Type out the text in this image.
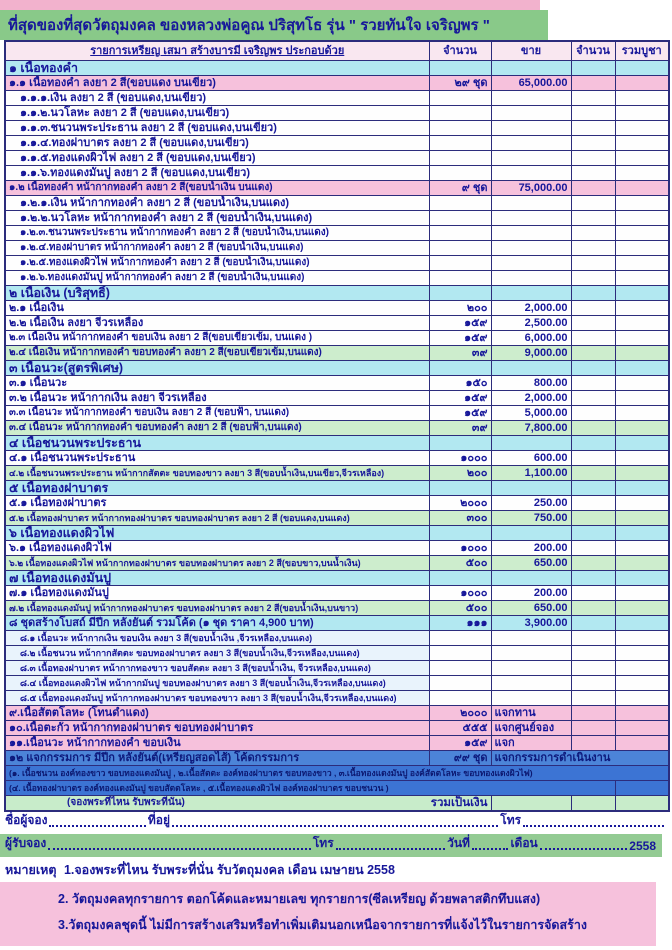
ที่สุดของที่สุดวัตถุมงคล ของหลวงพ่อคูณ ปริสุทโธ รุ่น " รวยทันใจ เจริญพร "
รายการเหรียญ เสมา สร้างบารมี เจริญพร ประกอบด้วย	จำนวน	ขาย	จำนวน	รวมบูชา
๑ เนื้อทองคำ				
๑.๑ เนื้อทองคำ ลงยา 2 สี(ขอบแดง บนเขียว)	๒๙ ชุด	65,000.00		
๑.๑.๑.เงิน ลงยา 2 สี (ขอบแดง,บนเขียว)				
๑.๑.๒.นวโลหะ ลงยา 2 สี (ขอบแดง,บนเขียว)				
๑.๑.๓.ชนวนพระประธาน ลงยา 2 สี (ขอบแดง,บนเขียว)				
๑.๑.๔.ทองฝาบาตร ลงยา 2 สี (ขอบแดง,บนเขียว)				
๑.๑.๕.ทองแดงผิวไฟ ลงยา 2 สี (ขอบแดง,บนเขียว)				
๑.๑.๖.ทองแดงมันปู ลงยา 2 สี (ขอบแดง,บนเขียว)				
๑.๒ เนื้อทองคำ หน้ากากทองคำ ลงยา 2 สี(ขอบน้ำเงิน บนแดง)	๙ ชุด	75,000.00		
๑.๒.๑.เงิน หน้ากากทองคำ ลงยา 2 สี (ขอบน้ำเงิน,บนแดง)				
๑.๒.๒.นวโลหะ หน้ากากทองคำ ลงยา 2 สี (ขอบน้ำเงิน,บนแดง)				
๑.๒.๓.ชนวนพระประธาน หน้ากากทองคำ ลงยา 2 สี (ขอบน้ำเงิน,บนแดง)				
๑.๒.๔.ทองฝาบาตร หน้ากากทองคำ ลงยา 2 สี (ขอบน้ำเงิน,บนแดง)				
๑.๒.๕.ทองแดงผิวไฟ หน้ากากทองคำ ลงยา 2 สี (ขอบน้ำเงิน,บนแดง)				
๑.๒.๖.ทองแดงมันปู หน้ากากทองคำ ลงยา 2 สี (ขอบน้ำเงิน,บนแดง)				
๒ เนื้อเงิน (บริสุทธิ์)				
๒.๑ เนื้อเงิน	๒๐๐	2,000.00		
๒.๒ เนื้อเงิน ลงยา จีวรเหลือง	๑๕๙	2,500.00		
๒.๓ เนื้อเงิน หน้ากากทองคำ ขอบเงิน ลงยา 2 สี(ขอบเขียวเข้ม, บนแดง )	๑๕๙	6,000.00		
๒.๔ เนื้อเงิน หน้ากากทองคำ ขอบทองคำ ลงยา 2 สี(ขอบเขียวเข้ม,บนแดง)	๓๙	9,000.00		
๓ เนื้อนวะ(สูตรพิเศษ)				
๓.๑ เนื้อนวะ	๑๕๐	800.00		
๓.๒ เนื้อนวะ หน้ากากเงิน ลงยา จีวรเหลือง	๑๕๙	2,000.00		
๓.๓ เนื้อนวะ หน้ากากทองคำ ขอบเงิน ลงยา 2 สี (ขอบฟ้า, บนแดง)	๑๕๙	5,000.00		
๓.๔ เนื้อนวะ หน้ากากทองคำ ขอบทองคำ ลงยา 2 สี (ขอบฟ้า,บนแดง)	๓๙	7,800.00		
๔ เนื้อชนวนพระประธาน				
๔.๑ เนื้อชนวนพระประธาน	๑๐๐๐	600.00		
๔.๒ เนื้อชนวนพระประธาน หน้ากากสัตตะ ขอบทองขาว ลงยา 3 สี(ขอบน้ำเงิน,บนเขียว,จีวรเหลือง)	๒๐๐	1,100.00		
๕ เนื้อทองฝาบาตร				
๕.๑ เนื้อทองฝาบาตร	๒๐๐๐	250.00		
๕.๒ เนื้อทองฝาบาตร หน้ากากทองฝาบาตร ขอบทองฝาบาตร ลงยา 2 สี (ขอบแดง,บนแดง)	๓๐๐	750.00		
๖ เนื้อทองแดงผิวไฟ				
๖.๑ เนื้อทองแดงผิวไฟ	๑๐๐๐	200.00		
๖.๒ เนื้อทองแดงผิวไฟ หน้ากากทองฝาบาตร ขอบทองฝาบาตร ลงยา 2 สี(ขอบขาว,บนน้ำเงิน)	๕๐๐	650.00		
๗ เนื้อทองแดงมันปู				
๗.๑ เนื้อทองแดงมันปู	๑๐๐๐	200.00		
๗.๒ เนื้อทองแดงมันปู หน้ากากทองฝาบาตร ขอบทองฝาบาตร ลงยา 2 สี(ขอบน้ำเงิน,บนขาว)	๕๐๐	650.00		
๘ ชุดสร้างโบสถ์ มีปีก หลังยันต์ รวมโค้ด (๑ ชุด ราคา 4,900 บาท)	๑๑๑	3,900.00		
๘.๑ เนื้อนวะ หน้ากากเงิน ขอบเงิน ลงยา 3 สี(ขอบน้ำเงิน ,จีวรเหลือง,บนแดง)				
๘.๒ เนื้อชนวน หน้ากากสัตตะ ขอบทองฝาบาตร ลงยา 3 สี(ขอบน้ำเงิน,จีวรเหลือง,บนแดง)				
๘.๓ เนื้อทองฝาบาตร หน้ากากทองขาว ขอบสัตตะ ลงยา 3 สี(ขอบน้ำเงิน, จีวรเหลือง,บนแดง)				
๘.๔ เนื้อทองแดงผิวไฟ หน้ากากมันปู ขอบทองฝาบาตร ลงยา 3 สี(ขอบน้ำเงิน,จีวรเหลือง,บนแดง)				
๘.๕ เนื้อทองแดงมันปู หน้ากากทองฝาบาตร ขอบทองขาว ลงยา 3 สี(ขอบน้ำเงิน,จีวรเหลือง,บนแดง)				
๙.เนื้อสัตตโลหะ (โทนดำแดง)	๒๐๐๐	แจกทาน		
๑๐.เนื้อตะกั่ว หน้ากากทองฝาบาตร ขอบทองฝาบาตร	๕๕๕	แจกศูนย์จอง		
๑๑.เนื้อนวะ หน้ากากทองคำ ขอบเงิน	๑๕๙	แจก		
๑๒ แจกกรรมการ มีปีก หลังยันต์(เหรียญสอดไส้) โค้ดกรรมการ	๙๙ ชุด	แจกกรรมการดำเนินงาน		
(๑. เนื้อชนวน องค์ทองขาว ขอบทองแดงมันปู , ๒.เนื้อสัตตะ องค์ทองฝาบาตร ขอบทองขาว , ๓.เนื้อทองแดงมันปู องค์สัตตโลหะ ขอบทองแดงผิวไฟ)				
(๔. เนื้อทองฝาบาตร องค์ทองแดงมันปู ขอบสัตตโลหะ , ๕.เนื้อทองแดงผิวไฟ องค์ทองฝาบาตร ขอบชนวน )				

(จองพระที่ไหน รับพระที่นั่น) รวมเป็นเงิน				

ชื่อผู้จอง	ที่อยู่	โทร
ผู้รับจอง	โทร	วันที่	เดือน	2558
หมายเหตุ 1.จองพระที่ไหน รับพระที่นั่น รับวัตถุมงคล เดือน เมษายน 2558
2. วัตถุมงคลทุกรายการ ตอกโค้ดและหมายเลข ทุกรายการ(ซีลเหรียญ ด้วยพลาสติกทึบแสง)
3.วัตถุมงคลชุดนี้ ไม่มีการสร้างเสริมหรือทำเพิ่มเติมนอกเหนือจากรายการที่แจ้งไว้ในรายการจัดสร้าง
